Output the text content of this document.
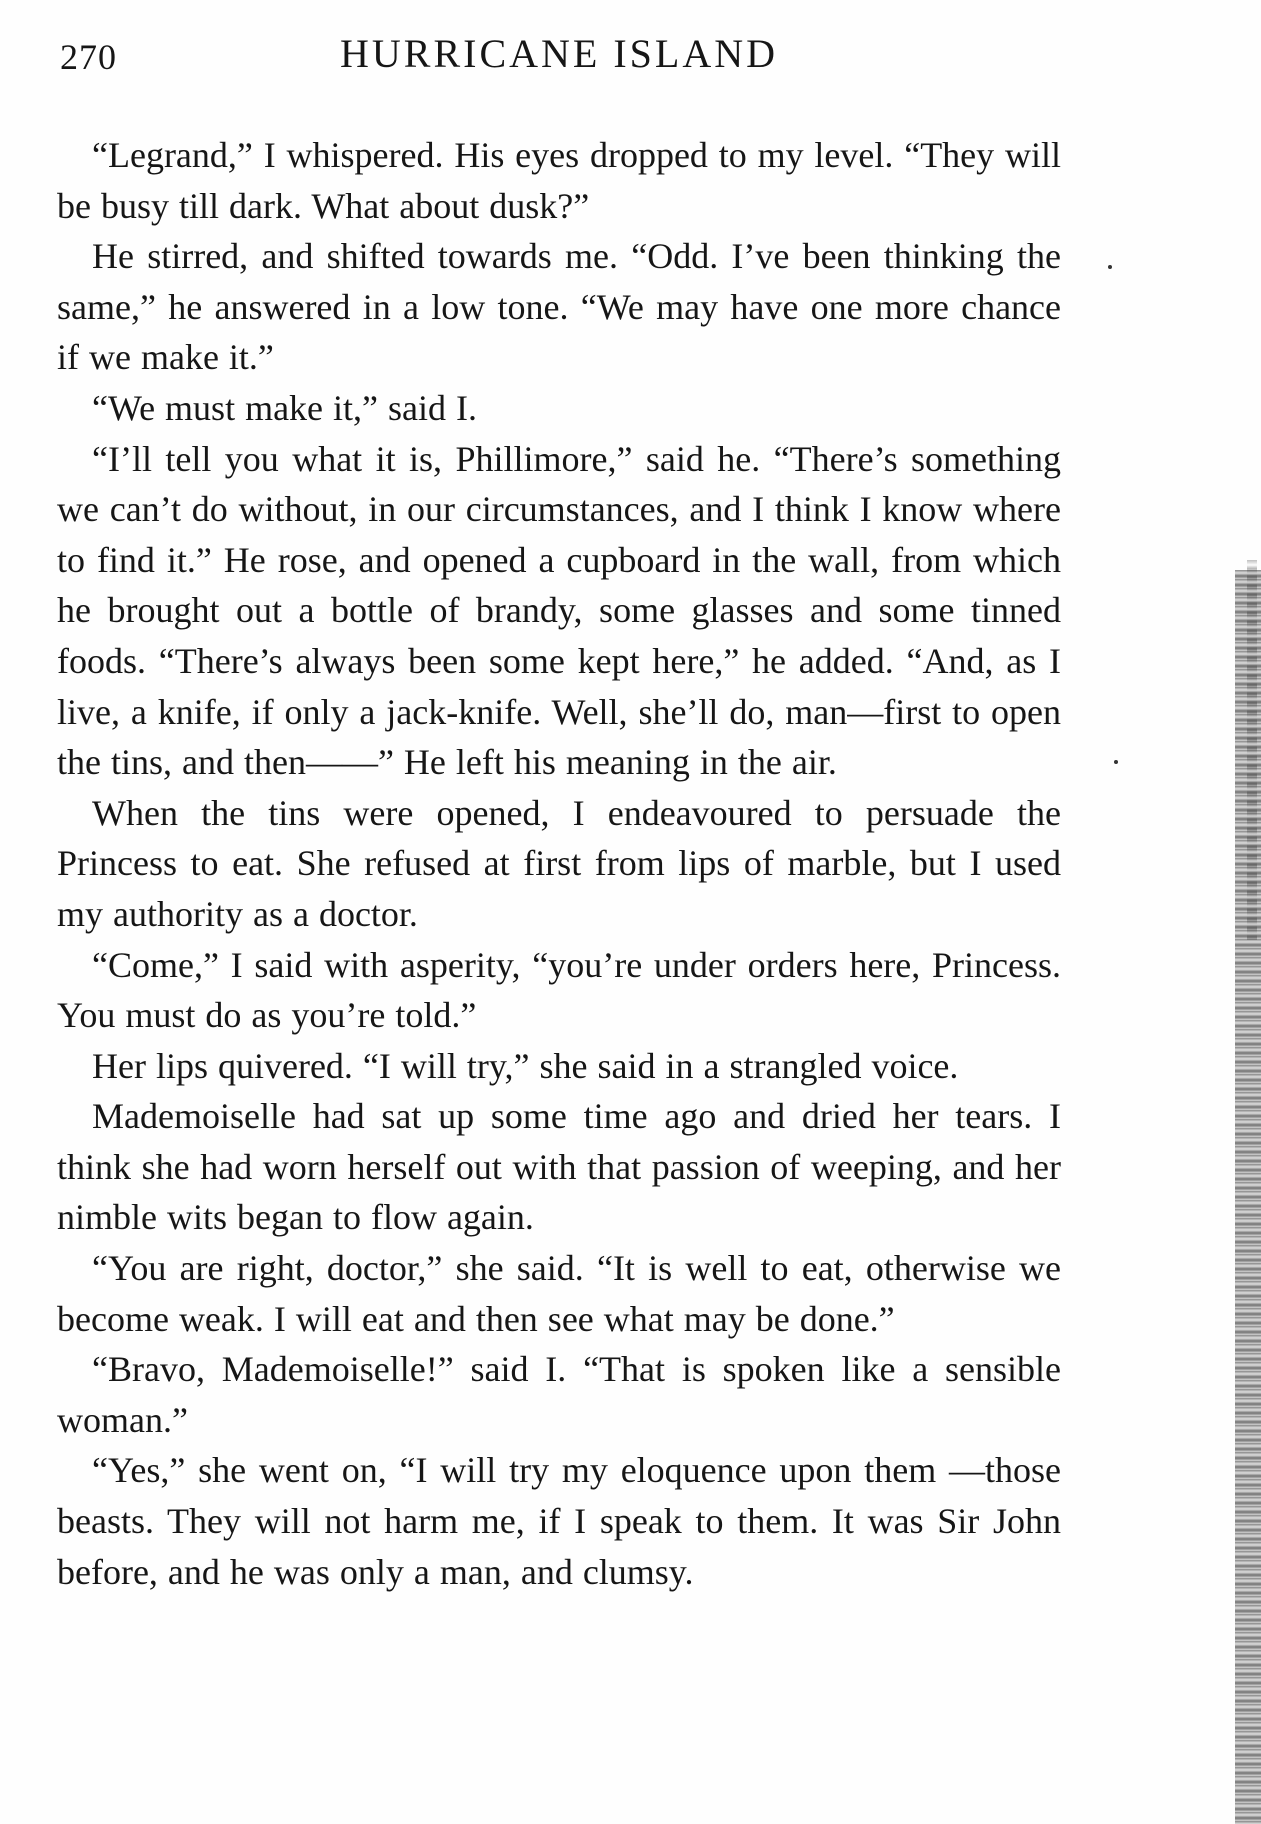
270	HURRICANE ISLAND

“Legrand,” I whispered. His eyes dropped to my level. “They will be busy till dark. What about dusk?”

He stirred, and shifted towards me. “Odd. I’ve been thinking the same,” he answered in a low tone. “We may have one more chance if we make it.”

“We must make it,” said I.

“I’ll tell you what it is, Phillimore,” said he. “There’s something we can’t do without, in our circumstances, and I think I know where to find it.” He rose, and opened a cupboard in the wall, from which he brought out a bottle of brandy, some glasses and some tinned foods. “There’s always been some kept here,” he added. “And, as I live, a knife, if only a jack-knife. Well, she’ll do, man—first to open the tins, and then——” He left his meaning in the air.

When the tins were opened, I endeavoured to persuade the Princess to eat. She refused at first from lips of marble, but I used my authority as a doctor.

“Come,” I said with asperity, “you’re under orders here, Princess. You must do as you’re told.”

Her lips quivered. “I will try,” she said in a strangled voice.

Mademoiselle had sat up some time ago and dried her tears. I think she had worn herself out with that passion of weeping, and her nimble wits began to flow again.

“You are right, doctor,” she said. “It is well to eat, otherwise we become weak. I will eat and then see what may be done.”

“Bravo, Mademoiselle!” said I. “That is spoken like a sensible woman.”

“Yes,” she went on, “I will try my eloquence upon them —those beasts. They will not harm me, if I speak to them. It was Sir John before, and he was only a man, and clumsy.
